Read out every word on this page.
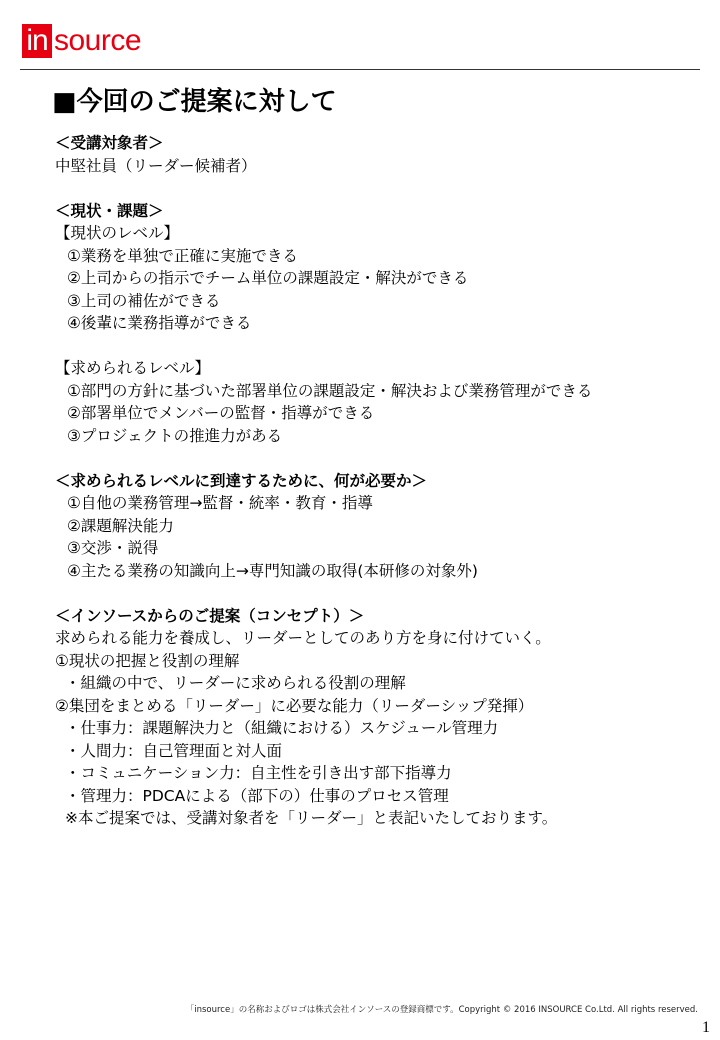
in source
■今回のご提案に対して
＜受講対象者＞
中堅社員（リーダー候補者）
＜現状・課題＞
【現状のレベル】
①業務を単独で正確に実施できる
②上司からの指示でチーム単位の課題設定・解決ができる
③上司の補佐ができる
④後輩に業務指導ができる
【求められるレベル】
①部門の方針に基づいた部署単位の課題設定・解決および業務管理ができる
②部署単位でメンバーの監督・指導ができる
③プロジェクトの推進力がある
＜求められるレベルに到達するために、何が必要か＞
①自他の業務管理→監督・統率・教育・指導
②課題解決能力
③交渉・説得
④主たる業務の知識向上→専門知識の取得(本研修の対象外)
＜インソースからのご提案（コンセプト）＞
求められる能力を養成し、リーダーとしてのあり方を身に付けていく。
①現状の把握と役割の理解
・組織の中で、リーダーに求められる役割の理解
②集団をまとめる「リーダー」に必要な能力（リーダーシップ発揮）
・仕事力：課題解決力と（組織における）スケジュール管理力
・人間力：自己管理面と対人面
・コミュニケーション力：自主性を引き出す部下指導力
・管理力：PDCAによる（部下の）仕事のプロセス管理
※本ご提案では、受講対象者を「リーダー」と表記いたしております。
「insource」の名称およびロゴは株式会社インソースの登録商標です。Copyright © 2016 INSOURCE Co.Ltd. All rights reserved.
1
